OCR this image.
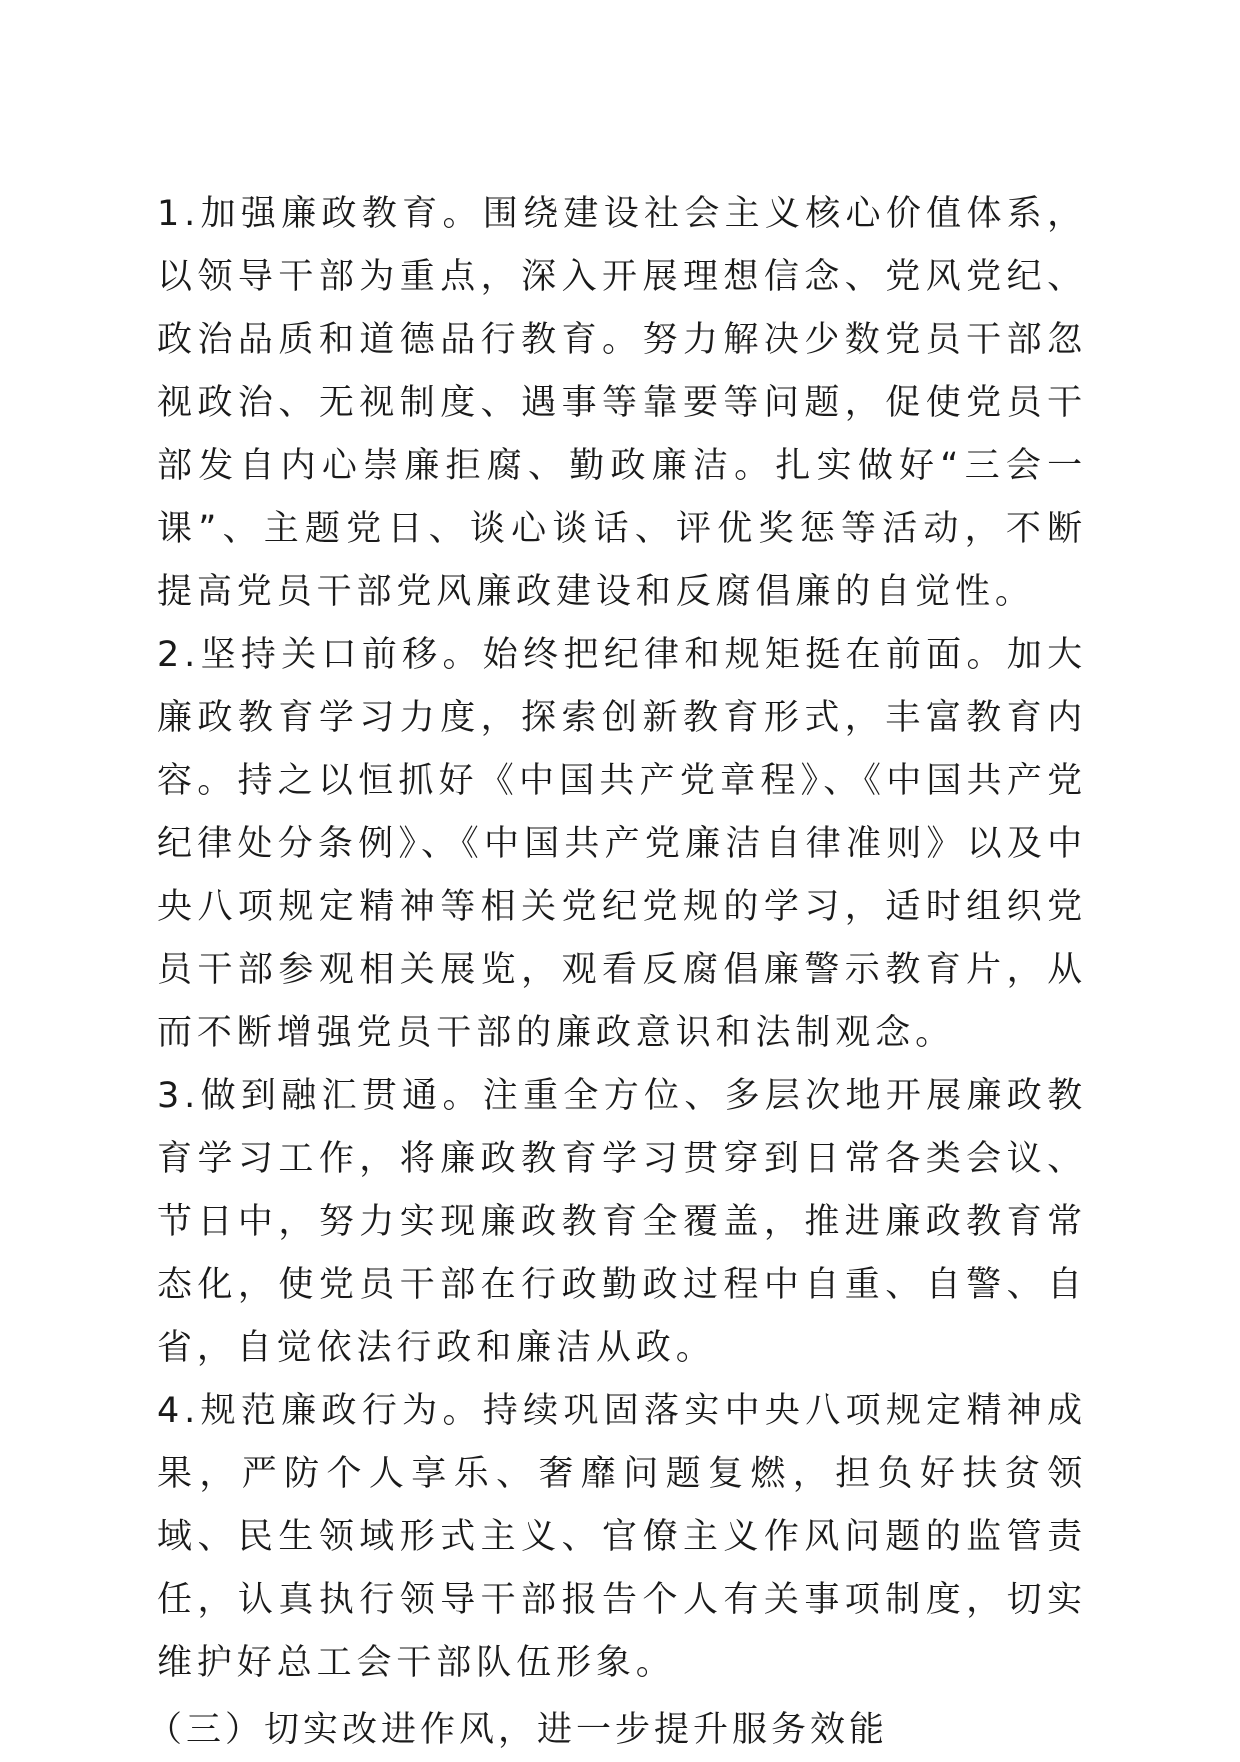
1.加强廉政教育。围绕建设社会主义核心价值体系，以领导干部为重点，深入开展理想信念、党风党纪、政治品质和道德品行教育。努力解决少数党员干部忽视政治、无视制度、遇事等靠要等问题，促使党员干部发自内心崇廉拒腐、勤政廉洁。扎实做好“三会一课”、主题党日、谈心谈话、评优奖惩等活动，不断提高党员干部党风廉政建设和反腐倡廉的自觉性。

2.坚持关口前移。始终把纪律和规矩挺在前面。加大廉政教育学习力度，探索创新教育形式，丰富教育内容。持之以恒抓好《中国共产党章程》、《中国共产党纪律处分条例》、《中国共产党廉洁自律准则》以及中央八项规定精神等相关党纪党规的学习，适时组织党员干部参观相关展览，观看反腐倡廉警示教育片，从而不断增强党员干部的廉政意识和法制观念。

3.做到融汇贯通。注重全方位、多层次地开展廉政教育学习工作，将廉政教育学习贯穿到日常各类会议、节日中，努力实现廉政教育全覆盖，推进廉政教育常态化，使党员干部在行政勤政过程中自重、自警、自省，自觉依法行政和廉洁从政。

4.规范廉政行为。持续巩固落实中央八项规定精神成果，严防个人享乐、奢靡问题复燃，担负好扶贫领域、民生领域形式主义、官僚主义作风问题的监管责任，认真执行领导干部报告个人有关事项制度，切实维护好总工会干部队伍形象。

（三）切实改进作风，进一步提升服务效能
